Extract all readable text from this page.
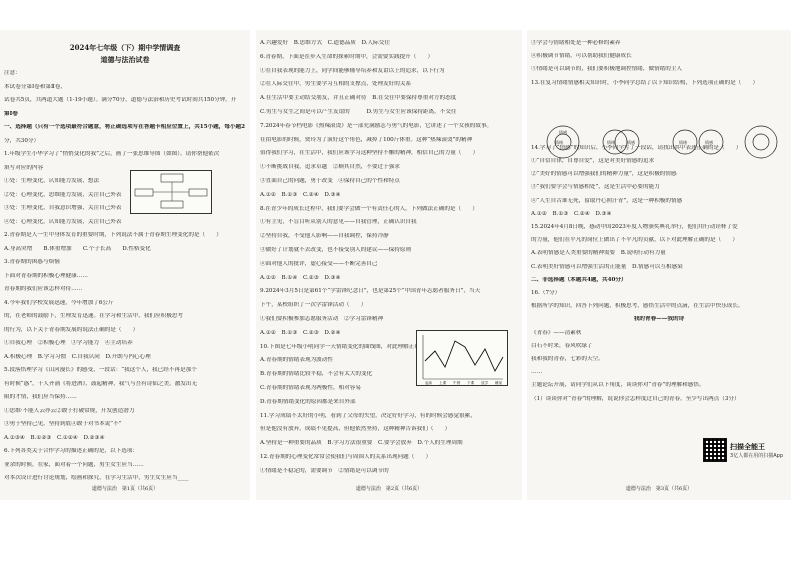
2024年七年级（下）期中学情调查
道德与法治试卷
注意：
本试卷分第Ⅰ卷和第Ⅱ卷，
试卷共5页，共两道大题（1-19小题）。满分70分，道德与法治和历史考试时间共150分钟。开
第Ⅰ卷
一、选择题（只有一个选项最符合题意，将正确选项写在答题卡相应位置上，共15小题，每小题2
分，共30分）
1.年级学生小华学习了“悄悄变化的我”之后，画了一张思维导图（如图）。请你帮他依次
填写对应的内容
①处：生理变化，认知能力发展，想法
②处：心理变化，思维能力发展，关注自己外表
③处：生理变化，自我意识增强，关注自己外表
④处：心理变化，认知能力发展，关注自己外表
2.青春期是人一生中身体发育的重要时期，下列说法不属于青春期生理变化的是（　　）
A.身高突增　　B.体重增加　　C.个子长高　　D.性格变化
3.青春期的困惑与烦恼
下面对青春期的积极心理健康……
青春期的我们应该怎样对待……
4.今年我们学校发展迅速，今年增加了6公斤
的，在老师的鼓励下，生理发育迅速。在学习和生活中，我们应积极思考
的行为，以下关于青春期发展的说法正确的是（　　）
①自我心理　②积极心理　③学习能力　④主动培养
A.积极心理　B.学习习惯　C.自我认同　D.开朗与内心心理
5.段落悟理学习《山河漫长》的感受，一段话：“我这个人，我已经不再是那个
有时候“惑”，千人齐涌《将进酒》，鼓起精神，我气与吾有诗仙之美。激发出无
限的才情，我们应当保持……
①思维·不能人云亦云②敢于打破常规，开发创造潜力
③勇于坚持己见，坚持到底④敢于对书本说“不”
A.①③④　B.①②③　C.①②④　D.②③④
6.下列各类关于合作学习的描述正确的是，以下选项：
业余的时候，在家，面对着一个问题，男生女生应当……
对本次设计进行讨论规划，绘画和探究，在学习生活中，男生女生应当____
道德与法治　第1页（共6页）
A.兴趣爱好　B.思维方式　C.道德品质　D.人际交往
6.青春期，下面是在步入生命的探索时期中，会需要实践提升（　　）
①在自我表现的能力上，同学间能够辅导培养和友谊以上的追求，以下行为
②在人际交往中，男生要学习互相的支撑点，处理友好的关系
A.在生活中要主动结交朋友，并且正确对待　B.在交往中要保持尊重对方的态度
C.男生与女生之间是可以产生友谊的　　　D.男生与女生应该保持距离，不交往
7.2024年春节档电影《热辣滚烫》是一部充满励志与勇气的电影，它讲述了一个女孩的故事。
在拍电影的时候，贾玲为了演好这个角色，减掉了100斤体重。这种“热辣滚烫”的精神
值得我们学习，在生活中，我们应该学习这种坚持不懈的精神，相信自己的力量（　　）
①不断挑战自我，追求卓越　②顺其自然，不要过于强求
③直面自己的问题，勇于改变　④保持自己的个性和特点
A.①②　B.①③　C.②④　D.③④
8.在青少年的成长过程中，我们要学会做一个有责任心的人，下列做法正确的是（　　）
①有主见，不盲目听从别人的意见——自我管理，正确认识自我
②坚持自我，不受他人影响——自我调控，保持冷静
③做好了计划就不去改变，也不接受别人的建议——保持原则
④面对他人的批评，虚心接受——不断完善自己
A.①②　B.①④　C.②③　D.③④
9.2024年3月5日是第61个“学雷锋纪念日”，也是第25个“中国青年志愿者服务日”，当天
下午，某校组织了一次学雷锋活动（　　）
①我们要积极参加志愿服务活动　②学习雷锋精神
A.①②　B.①③　C.②③　D.②④
10.下图是七年级小明同学一天情绪变化的曲线图，对此理解正确的是（　　）
A.青春期的情绪表现为波动性
B.青春期的情绪比较平稳，不会有太大的变化
C.青春期的情绪表现为两极性，相对容易
D.青春期情绪变化的原因都是来自外部
11.学习成绩不太好的小明，看到了父母的失望，决定好好学习，有的时候会感觉很累，
但是他没有放弃，成绩不见提高，但他依然坚持，这种精神告诉我们（　　）
A.坚持是一种重要的品质　B.学习方法很重要　C.要学会放弃　D.个人的生理周期
12.青春期的心理变化常常会使我们与周围人的关系出现问题（　　）
①情绪是不稳定的，需要调节　②情绪是可以调节的
起床 上课 午餐 下课 放学 睡前
道德与法治　第2页（共6页）
③学会与情绪相处是一种必修的素养
④积极调节情绪，可以帮助我们健康成长
⑤情绪是可以调节的，我们要积极地调控情绪，做情绪的主人
13.在复习情绪情感相关知识时，小李同学总结了以下知识结构，下列选项正确的是（　　）
14.学习了“情感”的知识后，小李同学写了一段话，请找出其中表述正确的是（　　）
①“自信自律，自尊自爱”，这是对美好情感的追求
②“美好的情感可以增强我们的精神力量”，这是积极的情感
③“我们要学会与情感相处”，这是生活中必要的能力
④“人生自古谁无死，留取丹心照汗青”，这是一种积极的情感
A.①②　B.①③　C.②④　D.③④
15.2024年4月8日晚，感动中国2023年度人物颁奖典礼举行，他们用行动诠释了爱
的力量，他们在平凡的岗位上做出了不平凡的贡献，以下对此理解正确的是（　　）
A.表明情感是人类重要的精神需要　B.说明行动有力量
C.表明美好情感可以增强生活的正能量　D.情感可以互相感染
二、非选择题（本题共4题，共40分）
16.（7分）
根据所学的知识，回答下列问题，积极思考，感悟生活中的点滴，在生活中快乐成长。
我的青春——我的诗
《青春》——清素秋
白石不时来，春风吹绿了
我和我的青春，七彩的天空。
……
主题论坛开展，请同学们从以下角度，谈谈你对“青春”的理解和感悟。
（1）谈谈你对“青春”的理解，说说你会怎样度过自己的青春，至少写出两点（3分）
情绪
情感
情绪	情感	情绪	情感
扫描全能王
3亿人都在用的扫描App
道德与法治　第3页（共6页）
